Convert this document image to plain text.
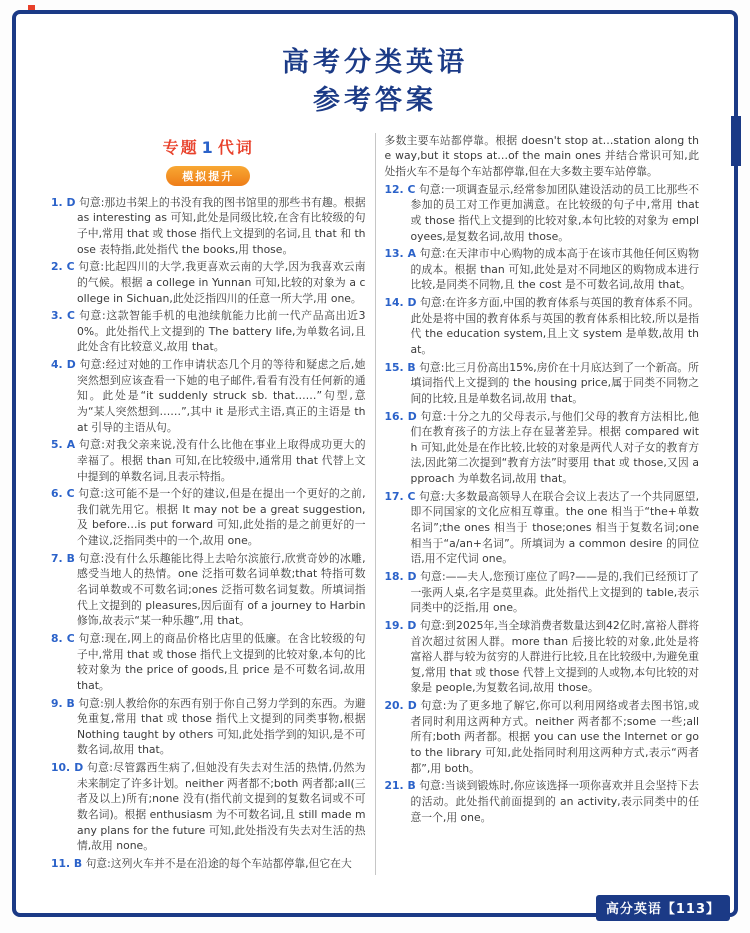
高考分类英语
参考答案
专题 1 代词
模拟提升

1. D 句意:那边书架上的书没有我的图书馆里的那些书有趣。根据 as interesting as 可知,此处是同级比较,在含有比较级的句子中,常用 that 或 those 指代上文提到的名词,且 that 和 those 表特指,此处指代 the books,用 those。

2. C 句意:比起四川的大学,我更喜欢云南的大学,因为我喜欢云南的气候。根据 a college in Yunnan 可知,比较的对象为 a college in Sichuan,此处泛指四川的任意一所大学,用 one。

3. C 句意:这款智能手机的电池续航能力比前一代产品高出近30%。此处指代上文提到的 The battery life,为单数名词,且此处含有比较意义,故用 that。

4. D 句意:经过对她的工作申请状态几个月的等待和疑虑之后,她突然想到应该查看一下她的电子邮件,看看有没有任何新的通知。此处是“it suddenly struck sb. that……”句型,意为“某人突然想到……”,其中 it 是形式主语,真正的主语是 that 引导的主语从句。

5. A 句意:对我父亲来说,没有什么比他在事业上取得成功更大的幸福了。根据 than 可知,在比较级中,通常用 that 代替上文中提到的单数名词,且表示特指。

6. C 句意:这可能不是一个好的建议,但是在提出一个更好的之前,我们就先用它。根据 It may not be a great suggestion,及 before…is put forward 可知,此处指的是之前更好的一个建议,泛指同类中的一个,故用 one。

7. B 句意:没有什么乐趣能比得上去哈尔滨旅行,欣赏奇妙的冰雕,感受当地人的热情。one 泛指可数名词单数;that 特指可数名词单数或不可数名词;ones 泛指可数名词复数。所填词指代上文提到的 pleasures,因后面有 of a journey to Harbin 修饰,故表示“某一种乐趣”,用 that。

8. C 句意:现在,网上的商品价格比店里的低廉。在含比较级的句子中,常用 that 或 those 指代上文提到的比较对象,本句的比较对象为 the price of goods,且 price 是不可数名词,故用 that。

9. B 句意:别人教给你的东西有别于你自己努力学到的东西。为避免重复,常用 that 或 those 指代上文提到的同类事物,根据 Nothing taught by others 可知,此处指学到的知识,是不可数名词,故用 that。

10. D 句意:尽管露西生病了,但她没有失去对生活的热情,仍然为未来制定了许多计划。neither 两者都不;both 两者都;all(三者及以上)所有;none 没有(指代前文提到的复数名词或不可数名词)。根据 enthusiasm 为不可数名词,且 still made many plans for the future 可知,此处指没有失去对生活的热情,故用 none。

11. B 句意:这列火车并不是在沿途的每个车站都停靠,但它在大

多数主要车站都停靠。根据 doesn't stop at…station along the way,but it stops at…of the main ones 并结合常识可知,此处指火车不是每个车站都停靠,但在大多数主要车站停靠。

12. C 句意:一项调查显示,经常参加团队建设活动的员工比那些不参加的员工对工作更加满意。在比较级的句子中,常用 that 或 those 指代上文提到的比较对象,本句比较的对象为 employees,是复数名词,故用 those。

13. A 句意:在天津市中心购物的成本高于在该市其他任何区购物的成本。根据 than 可知,此处是对不同地区的购物成本进行比较,是同类不同物,且 the cost 是不可数名词,故用 that。

14. D 句意:在许多方面,中国的教育体系与英国的教育体系不同。此处是将中国的教育体系与英国的教育体系相比较,所以是指代 the education system,且上文 system 是单数,故用 that。

15. B 句意:比三月份高出15%,房价在十月底达到了一个新高。所填词指代上文提到的 the housing price,属于同类不同物之间的比较,且是单数名词,故用 that。

16. D 句意:十分之九的父母表示,与他们父母的教育方法相比,他们在教育孩子的方法上存在显著差异。根据 compared with 可知,此处是在作比较,比较的对象是两代人对子女的教育方法,因此第二次提到“教育方法”时要用 that 或 those,又因 approach 为单数名词,故用 that。

17. C 句意:大多数最高领导人在联合会议上表达了一个共同愿望,即不同国家的文化应相互尊重。the one 相当于“the+单数名词”;the ones 相当于 those;ones 相当于复数名词;one 相当于“a/an+名词”。所填词为 a common desire 的同位语,用不定代词 one。

18. D 句意:——夫人,您预订座位了吗?——是的,我们已经预订了一张两人桌,名字是莫里森。此处指代上文提到的 table,表示同类中的泛指,用 one。

19. D 句意:到2025年,当全球消费者数量达到42亿时,富裕人群将首次超过贫困人群。more than 后接比较的对象,此处是将富裕人群与较为贫穷的人群进行比较,且在比较级中,为避免重复,常用 that 或 those 代替上文提到的人或物,本句比较的对象是 people,为复数名词,故用 those。

20. D 句意:为了更多地了解它,你可以利用网络或者去图书馆,或者同时利用这两种方式。neither 两者都不;some 一些;all 所有;both 两者都。根据 you can use the Internet or go to the library 可知,此处指同时利用这两种方式,表示“两者都”,用 both。

21. B 句意:当谈到锻炼时,你应该选择一项你喜欢并且会坚持下去的活动。此处指代前面提到的 an activity,表示同类中的任意一个,用 one。

高分英语【113】
